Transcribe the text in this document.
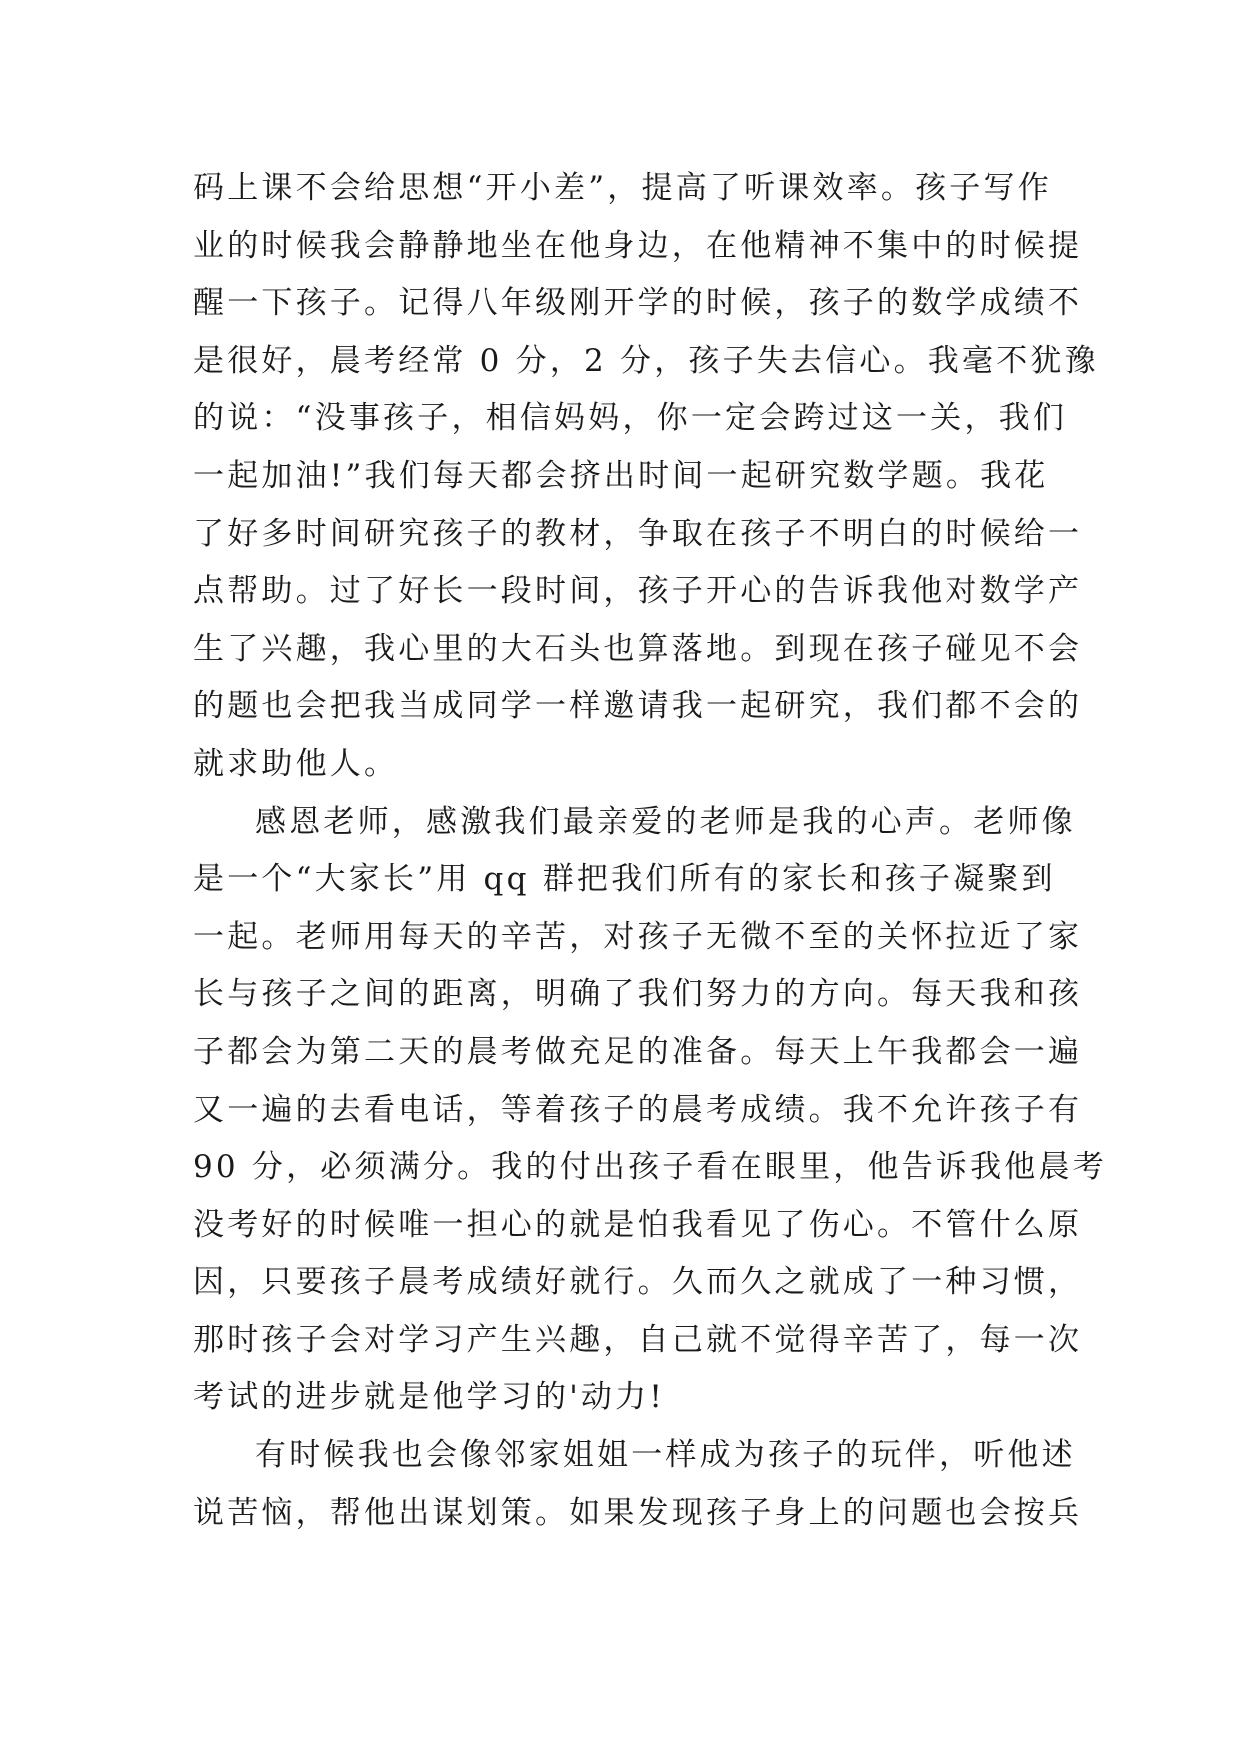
码上课不会给思想“开小差”，提高了听课效率。孩子写作
业的时候我会静静地坐在他身边，在他精神不集中的时候提
醒一下孩子。记得八年级刚开学的时候，孩子的数学成绩不
是很好，晨考经常 0 分，2 分，孩子失去信心。我毫不犹豫
的说：“没事孩子，相信妈妈，你一定会跨过这一关，我们
一起加油!”我们每天都会挤出时间一起研究数学题。我花
了好多时间研究孩子的教材，争取在孩子不明白的时候给一
点帮助。过了好长一段时间，孩子开心的告诉我他对数学产
生了兴趣，我心里的大石头也算落地。到现在孩子碰见不会
的题也会把我当成同学一样邀请我一起研究，我们都不会的
就求助他人。
感恩老师，感激我们最亲爱的老师是我的心声。老师像
是一个“大家长”用 qq 群把我们所有的家长和孩子凝聚到
一起。老师用每天的辛苦，对孩子无微不至的关怀拉近了家
长与孩子之间的距离，明确了我们努力的方向。每天我和孩
子都会为第二天的晨考做充足的准备。每天上午我都会一遍
又一遍的去看电话，等着孩子的晨考成绩。我不允许孩子有
90 分，必须满分。我的付出孩子看在眼里，他告诉我他晨考
没考好的时候唯一担心的就是怕我看见了伤心。不管什么原
因，只要孩子晨考成绩好就行。久而久之就成了一种习惯，
那时孩子会对学习产生兴趣，自己就不觉得辛苦了，每一次
考试的进步就是他学习的'动力!
有时候我也会像邻家姐姐一样成为孩子的玩伴，听他述
说苦恼，帮他出谋划策。如果发现孩子身上的问题也会按兵
